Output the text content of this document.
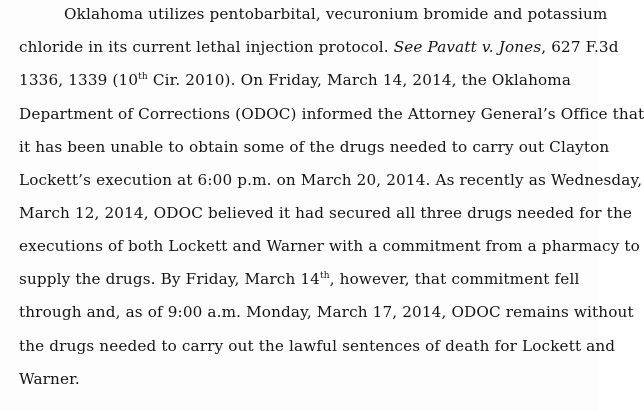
Oklahoma utilizes pentobarbital, vecuronium bromide and potassium
chloride in its current lethal injection protocol. See Pavatt v. Jones, 627 F.3d
1336, 1339 (10th Cir. 2010). On Friday, March 14, 2014, the Oklahoma
Department of Corrections (ODOC) informed the Attorney General’s Office that
it has been unable to obtain some of the drugs needed to carry out Clayton
Lockett’s execution at 6:00 p.m. on March 20, 2014. As recently as Wednesday,
March 12, 2014, ODOC believed it had secured all three drugs needed for the
executions of both Lockett and Warner with a commitment from a pharmacy to
supply the drugs. By Friday, March 14th, however, that commitment fell
through and, as of 9:00 a.m. Monday, March 17, 2014, ODOC remains without
the drugs needed to carry out the lawful sentences of death for Lockett and
Warner.
